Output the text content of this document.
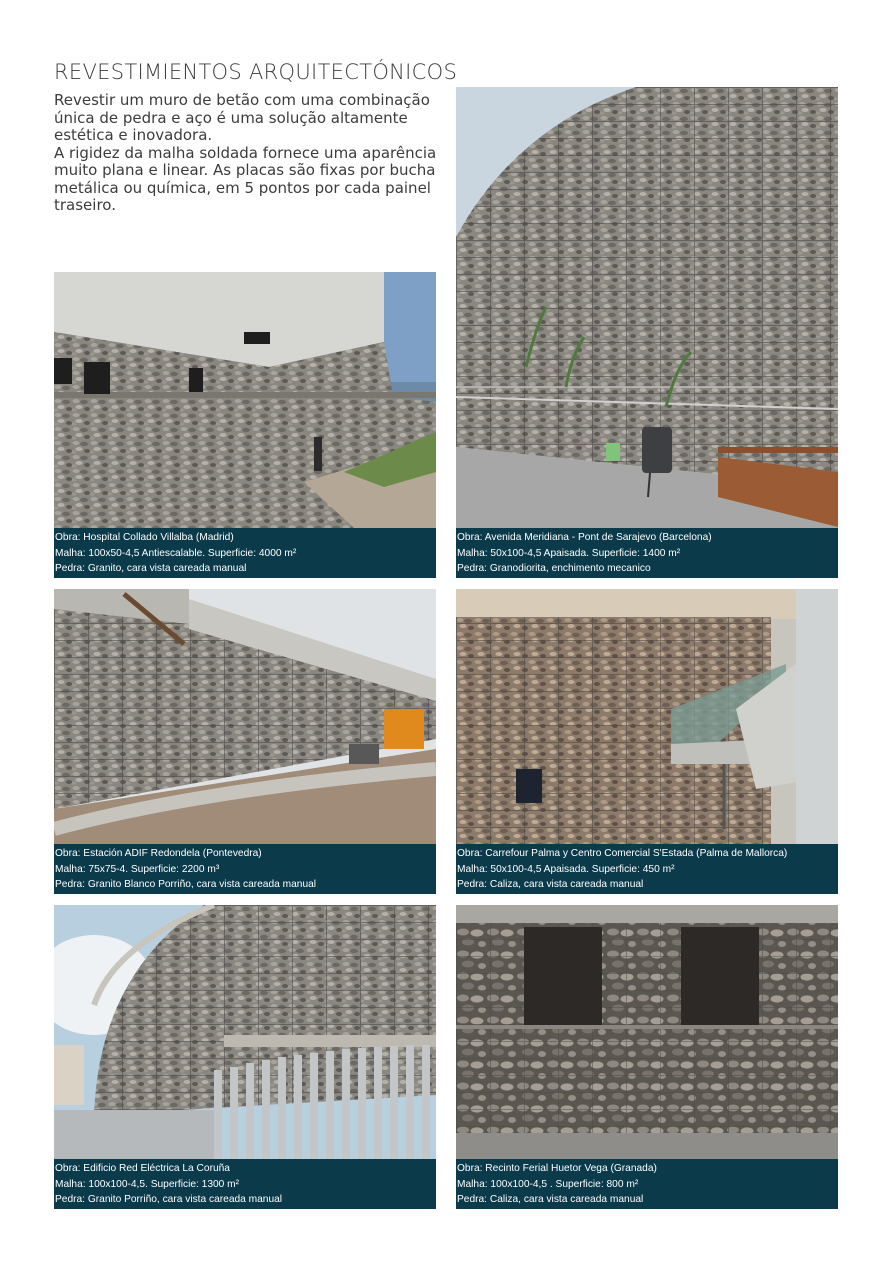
REVESTIMIENTOS ARQUITECTÓNICOS

Revestir um muro de betão com uma combinação única de pedra e aço é uma solução altamente estética e inovadora.

A rigidez da malha soldada fornece uma aparência muito plana e linear. As placas são fixas por bucha metálica ou química, em 5 pontos por cada painel traseiro.

Obra: Hospital Collado Villalba (Madrid)
Malha: 100x50-4,5 Antiescalable. Superficie: 4000 m²
Pedra: Granito, cara vista careada manual
Obra: Avenida Meridiana - Pont de Sarajevo (Barcelona)
Malha: 50x100-4,5 Apaisada. Superficie: 1400 m²
Pedra: Granodiorita, enchimento mecanico
Obra: Estación ADIF Redondela (Pontevedra)
Malha: 75x75-4. Superficie: 2200 m³
Pedra: Granito Blanco Porriño, cara vista careada manual
Obra: Carrefour Palma y Centro Comercial S'Estada (Palma de Mallorca)
Malha: 50x100-4,5 Apaisada. Superficie: 450 m²
Pedra: Caliza, cara vista careada manual
Obra: Edificio Red Eléctrica La Coruña
Malha: 100x100-4,5. Superficie: 1300 m²
Pedra: Granito Porriño, cara vista careada manual
Obra: Recinto Ferial Huetor Vega (Granada)
Malha: 100x100-4,5 . Superficie: 800 m²
Pedra: Caliza, cara vista careada manual
